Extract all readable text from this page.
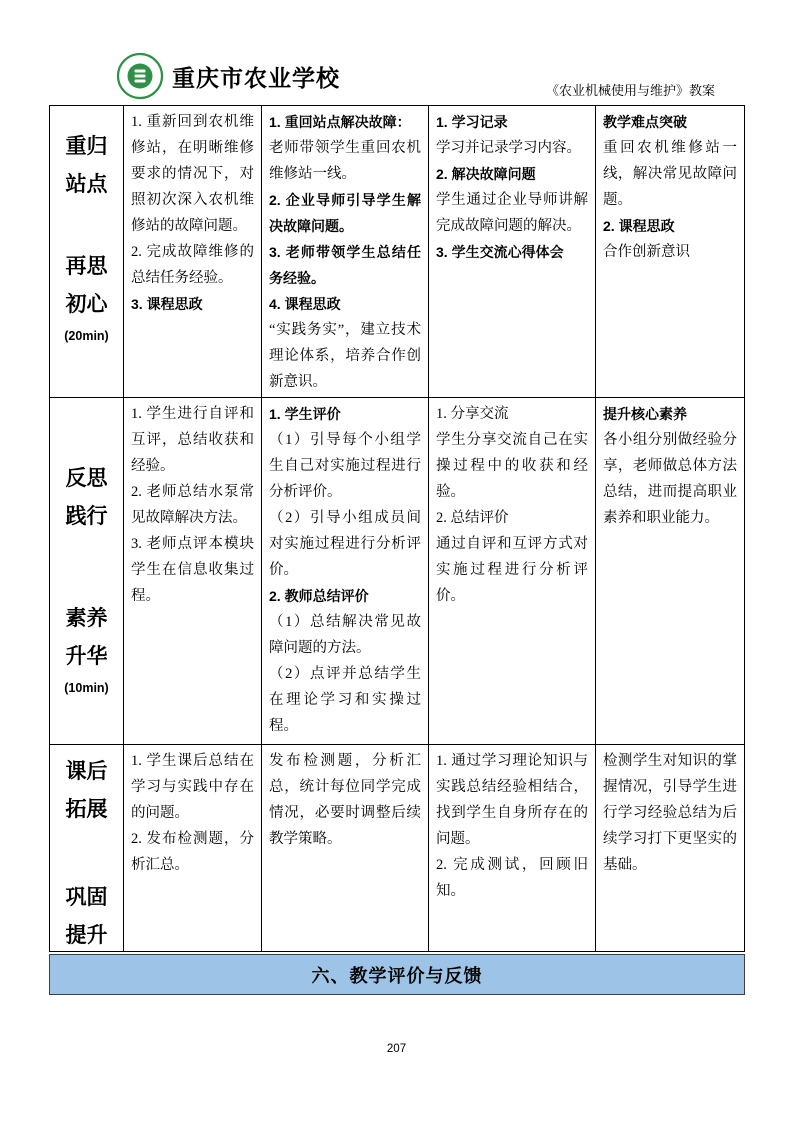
重庆市农业学校	《农业机械使用与维护》教案
重归
站点
再思
初心
(20min)

1. 重新回到农机维修站，在明晰维修要求的情况下，对照初次深入农机维修站的故障问题。

2. 完成故障维修的总结任务经验。

3. 课程思政

1. 重回站点解决故障：

老师带领学生重回农机维修站一线。

2. 企业导师引导学生解决故障问题。

3. 老师带领学生总结任务经验。

4. 课程思政

“实践务实”，建立技术理论体系，培养合作创新意识。

1. 学习记录

学习并记录学习内容。

2. 解决故障问题

学生通过企业导师讲解完成故障问题的解决。

3. 学生交流心得体会

教学难点突破

重回农机维修站一线，解决常见故障问题。

2. 课程思政

合作创新意识

反思
践行
素养
升华
(10min)

1. 学生进行自评和互评，总结收获和经验。

2. 老师总结水泵常见故障解决方法。

3. 老师点评本模块学生在信息收集过程。

1. 学生评价

（1）引导每个小组学生自己对实施过程进行分析评价。

（2）引导小组成员间对实施过程进行分析评价。

2. 教师总结评价

（1）总结解决常见故障问题的方法。

（2）点评并总结学生在理论学习和实操过程。

1. 分享交流

学生分享交流自己在实操过程中的收获和经验。

2. 总结评价

通过自评和互评方式对实施过程进行分析评价。

提升核心素养

各小组分别做经验分享，老师做总体方法总结，进而提高职业素养和职业能力。

课后
拓展
巩固
提升

1. 学生课后总结在学习与实践中存在的问题。

2. 发布检测题，分析汇总。

发布检测题，分析汇总，统计每位同学完成情况，必要时调整后续教学策略。

1. 通过学习理论知识与实践总结经验相结合，找到学生自身所存在的问题。

2. 完成测试，回顾旧知。

检测学生对知识的掌握情况，引导学生进行学习经验总结为后续学习打下更坚实的基础。

六、教学评价与反馈
207
